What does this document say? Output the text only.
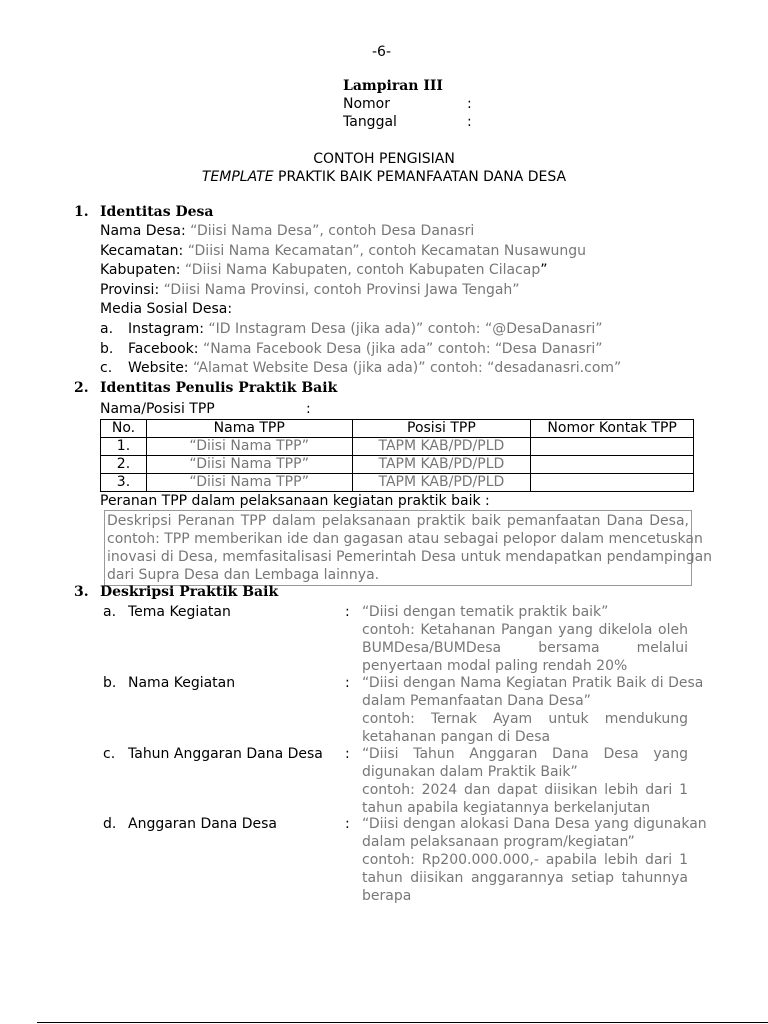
-6-
Lampiran III
Nomor	:
Tanggal	:
CONTOH PENGISIAN
TEMPLATE PRAKTIK BAIK PEMANFAATAN DANA DESA
1. Identitas Desa
Nama Desa: “Diisi Nama Desa”, contoh Desa Danasri
Kecamatan: “Diisi Nama Kecamatan”, contoh Kecamatan Nusawungu
Kabupaten: “Diisi Nama Kabupaten, contoh Kabupaten Cilacap”
Provinsi: “Diisi Nama Provinsi, contoh Provinsi Jawa Tengah”
Media Sosial Desa:
a. Instagram: “ID Instagram Desa (jika ada)” contoh: “@DesaDanasri”
b. Facebook: “Nama Facebook Desa (jika ada” contoh: “Desa Danasri”
c. Website: “Alamat Website Desa (jika ada)” contoh: “desadanasri.com”
2. Identitas Penulis Praktik Baik
Nama/Posisi TPP	:
No.	Nama TPP	Posisi TPP	Nomor Kontak TPP
1.	“Diisi Nama TPP”	TAPM KAB/PD/PLD	
2.	“Diisi Nama TPP”	TAPM KAB/PD/PLD	
3.	“Diisi Nama TPP”	TAPM KAB/PD/PLD	
Peranan TPP dalam pelaksanaan kegiatan praktik baik :
Deskripsi Peranan TPP dalam pelaksanaan praktik baik pemanfaatan Dana Desa,
contoh: TPP memberikan ide dan gagasan atau sebagai pelopor dalam mencetuskan
inovasi di Desa, memfasitalisasi Pemerintah Desa untuk mendapatkan pendampingan
dari Supra Desa dan Lembaga lainnya.
3. Deskripsi Praktik Baik
a. Tema Kegiatan	: “Diisi dengan tematik praktik baik”
contoh: Ketahanan Pangan yang dikelola oleh
BUMDesa/BUMDesa bersama melalui
penyertaan modal paling rendah 20%
b. Nama Kegiatan	: “Diisi dengan Nama Kegiatan Pratik Baik di Desa
dalam Pemanfaatan Dana Desa”
contoh: Ternak Ayam untuk mendukung
ketahanan pangan di Desa
c. Tahun Anggaran Dana Desa : “Diisi Tahun Anggaran Dana Desa yang
digunakan dalam Praktik Baik”
contoh: 2024 dan dapat diisikan lebih dari 1
tahun apabila kegiatannya berkelanjutan
d. Anggaran Dana Desa	: “Diisi dengan alokasi Dana Desa yang digunakan
dalam pelaksanaan program/kegiatan”
contoh: Rp200.000.000,- apabila lebih dari 1
tahun diisikan anggarannya setiap tahunnya
berapa
